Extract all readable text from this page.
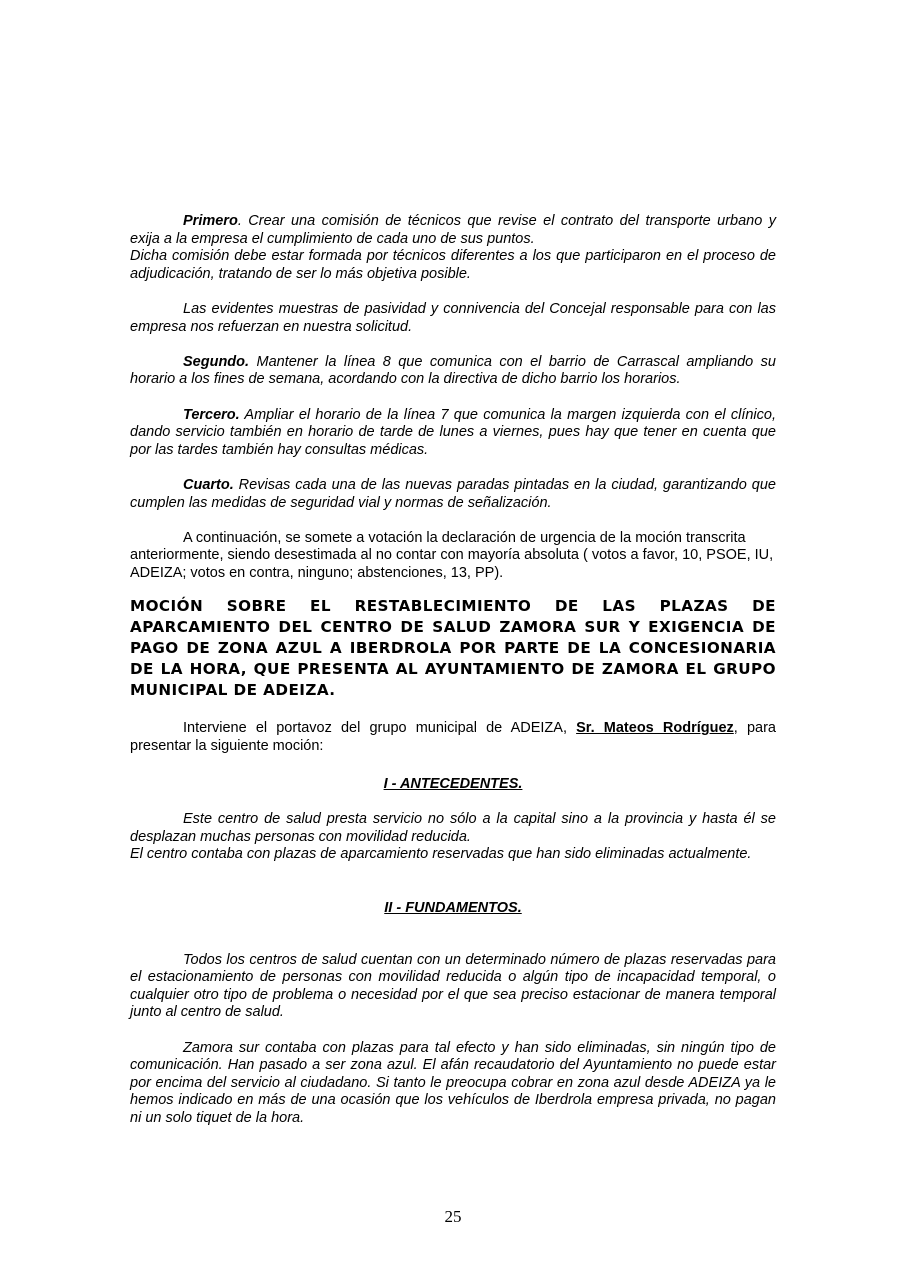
Primero. Crear una comisión de técnicos que revise el contrato del transporte urbano y exija a la empresa el cumplimiento de cada uno de sus puntos.

Dicha comisión debe estar formada por técnicos diferentes a los que participaron en el proceso de adjudicación, tratando de ser lo más objetiva posible.

Las evidentes muestras de pasividad y connivencia del Concejal responsable para con las empresa nos refuerzan en nuestra solicitud.

Segundo. Mantener la línea 8 que comunica con el barrio de Carrascal ampliando su horario a los fines de semana, acordando con la directiva de dicho barrio los horarios.

Tercero. Ampliar el horario de la línea 7 que comunica la margen izquierda con el clínico, dando servicio también en horario de tarde de lunes a viernes, pues hay que tener en cuenta que por las tardes también hay consultas médicas.

Cuarto. Revisas cada una de las nuevas paradas pintadas en la ciudad, garantizando que cumplen las medidas de seguridad vial y normas de señalización.

A continuación, se somete a votación la declaración de urgencia de la moción transcrita anteriormente, siendo desestimada al no contar con mayoría absoluta ( votos a favor, 10, PSOE, IU, ADEIZA; votos en contra, ninguno; abstenciones, 13, PP).

MOCIÓN SOBRE EL RESTABLECIMIENTO DE LAS PLAZAS DE APARCAMIENTO DEL CENTRO DE SALUD ZAMORA SUR Y EXIGENCIA DE PAGO DE ZONA AZUL A IBERDROLA POR PARTE DE LA CONCESIONARIA DE LA HORA, QUE PRESENTA AL AYUNTAMIENTO DE ZAMORA EL GRUPO MUNICIPAL DE ADEIZA.

Interviene el portavoz del grupo municipal de ADEIZA, Sr. Mateos Rodríguez, para presentar la siguiente moción:

I - ANTECEDENTES.

Este centro de salud presta servicio no sólo a la capital sino a la provincia y hasta él se desplazan muchas personas con movilidad reducida.

El centro contaba con plazas de aparcamiento reservadas que han sido eliminadas actualmente.

II - FUNDAMENTOS.

Todos los centros de salud cuentan con un determinado número de plazas reservadas para el estacionamiento de personas con movilidad reducida o algún tipo de incapacidad temporal, o cualquier otro tipo de problema o necesidad por el que sea preciso estacionar de manera temporal junto al centro de salud.

Zamora sur contaba con plazas para tal efecto y han sido eliminadas, sin ningún tipo de comunicación. Han pasado a ser zona azul. El afán recaudatorio del Ayuntamiento no puede estar por encima del servicio al ciudadano. Si tanto le preocupa cobrar en zona azul desde ADEIZA ya le hemos indicado en más de una ocasión que los vehículos de Iberdrola empresa privada, no pagan ni un solo tiquet de la hora.

25
